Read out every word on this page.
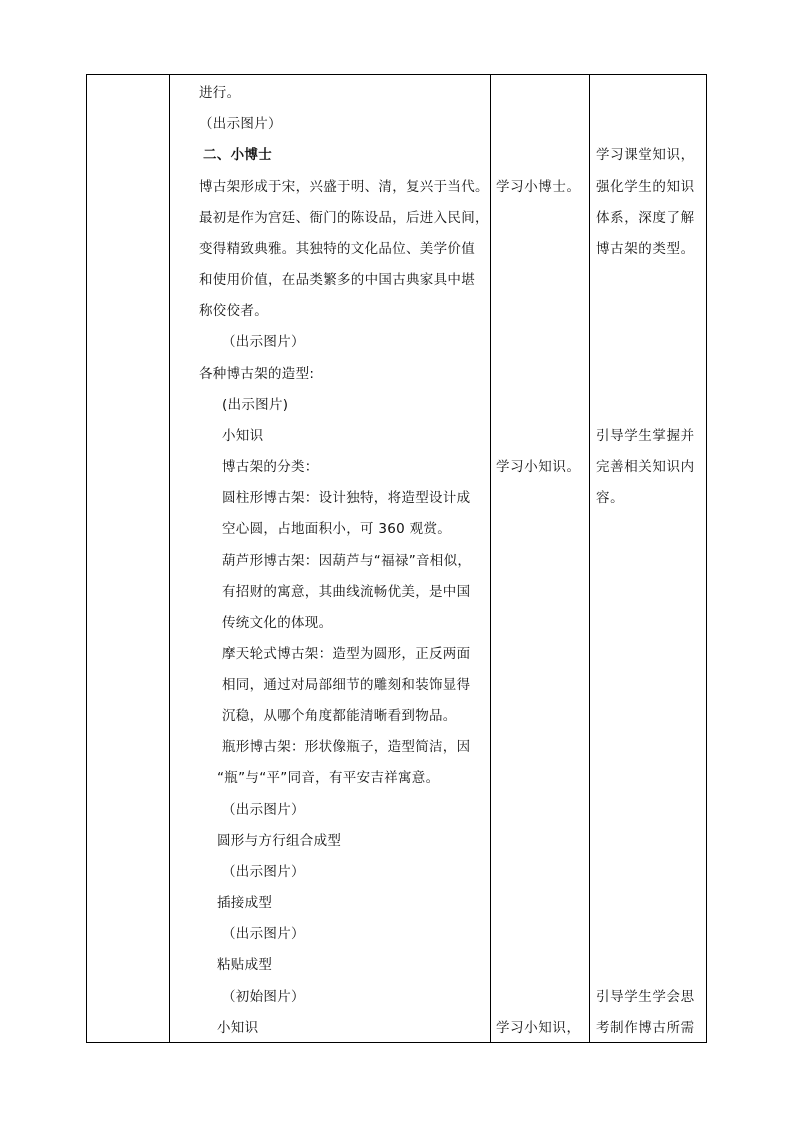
进行。
（出示图片）
二、小博士
博古架形成于宋，兴盛于明、清，复兴于当代。
最初是作为宫廷、衙门的陈设品，后进入民间，
变得精致典雅。其独特的文化品位、美学价值
和使用价值，在品类繁多的中国古典家具中堪
称佼佼者。
（出示图片）
各种博古架的造型:
(出示图片)
小知识
博古架的分类：
圆柱形博古架：设计独特，将造型设计成
空心圆，占地面积小，可 360 观赏。
葫芦形博古架：因葫芦与“福禄”音相似，
有招财的寓意，其曲线流畅优美，是中国
传统文化的体现。
摩天轮式博古架：造型为圆形，正反两面
相同，通过对局部细节的雕刻和装饰显得
沉稳，从哪个角度都能清晰看到物品。
瓶形博古架：形状像瓶子，造型简洁，因
“瓶”与“平”同音，有平安吉祥寓意。
（出示图片）
圆形与方行组合成型
（出示图片）
插接成型
（出示图片）
粘贴成型
（初始图片）
小知识
学习小博士。
学习小知识。
学习小知识，
学习课堂知识，
强化学生的知识
体系，深度了解
博古架的类型。
引导学生掌握并
完善相关知识内
容。
引导学生学会思
考制作博古所需
